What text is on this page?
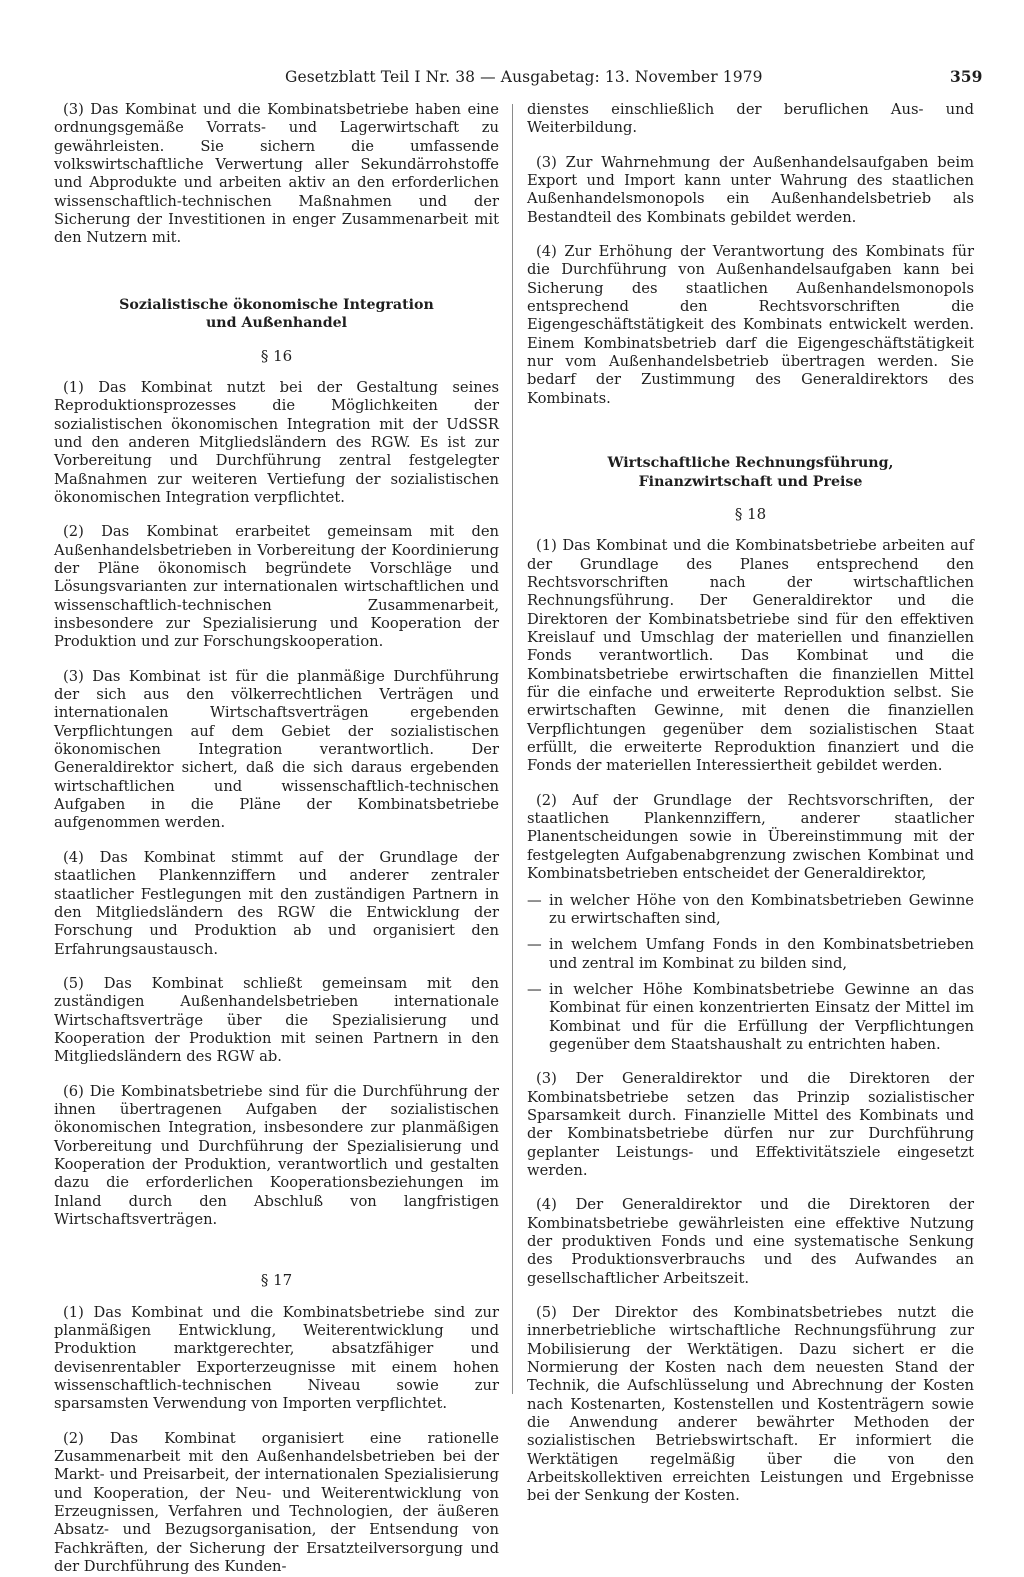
Gesetzblatt Teil I Nr. 38 — Ausgabetag: 13. November 1979	359

(3) Das Kombinat und die Kombinatsbetriebe haben eine ordnungsgemäße Vorrats- und Lagerwirtschaft zu gewährleisten. Sie sichern die umfassende volkswirtschaftliche Verwertung aller Sekundärrohstoffe und Abprodukte und arbeiten aktiv an den erforderlichen wissenschaftlich-technischen Maßnahmen und der Sicherung der Investitionen in enger Zusammenarbeit mit den Nutzern mit.

Sozialistische ökonomische Integration
und Außenhandel

§ 16

(1) Das Kombinat nutzt bei der Gestaltung seines Reproduktionsprozesses die Möglichkeiten der sozialistischen ökonomischen Integration mit der UdSSR und den anderen Mitgliedsländern des RGW. Es ist zur Vorbereitung und Durchführung zentral festgelegter Maßnahmen zur weiteren Vertiefung der sozialistischen ökonomischen Integration verpflichtet.

(2) Das Kombinat erarbeitet gemeinsam mit den Außenhandelsbetrieben in Vorbereitung der Koordinierung der Pläne ökonomisch begründete Vorschläge und Lösungsvarianten zur internationalen wirtschaftlichen und wissenschaftlich-technischen Zusammenarbeit, insbesondere zur Spezialisierung und Kooperation der Produktion und zur Forschungskooperation.

(3) Das Kombinat ist für die planmäßige Durchführung der sich aus den völkerrechtlichen Verträgen und internationalen Wirtschaftsverträgen ergebenden Verpflichtungen auf dem Gebiet der sozialistischen ökonomischen Integration verantwortlich. Der Generaldirektor sichert, daß die sich daraus ergebenden wirtschaftlichen und wissenschaftlich-technischen Aufgaben in die Pläne der Kombinatsbetriebe aufgenommen werden.

(4) Das Kombinat stimmt auf der Grundlage der staatlichen Plankennziffern und anderer zentraler staatlicher Festlegungen mit den zuständigen Partnern in den Mitgliedsländern des RGW die Entwicklung der Forschung und Produktion ab und organisiert den Erfahrungsaustausch.

(5) Das Kombinat schließt gemeinsam mit den zuständigen Außenhandelsbetrieben internationale Wirtschaftsverträge über die Spezialisierung und Kooperation der Produktion mit seinen Partnern in den Mitgliedsländern des RGW ab.

(6) Die Kombinatsbetriebe sind für die Durchführung der ihnen übertragenen Aufgaben der sozialistischen ökonomischen Integration, insbesondere zur planmäßigen Vorbereitung und Durchführung der Spezialisierung und Kooperation der Produktion, verantwortlich und gestalten dazu die erforderlichen Kooperationsbeziehungen im Inland durch den Abschluß von langfristigen Wirtschaftsverträgen.

§ 17

(1) Das Kombinat und die Kombinatsbetriebe sind zur planmäßigen Entwicklung, Weiterentwicklung und Produktion marktgerechter, absatzfähiger und devisenrentabler Exporterzeugnisse mit einem hohen wissenschaftlich-technischen Niveau sowie zur sparsamsten Verwendung von Importen verpflichtet.

(2) Das Kombinat organisiert eine rationelle Zusammenarbeit mit den Außenhandelsbetrieben bei der Markt- und Preisarbeit, der internationalen Spezialisierung und Kooperation, der Neu- und Weiterentwicklung von Erzeugnissen, Verfahren und Technologien, der äußeren Absatz- und Bezugsorganisation, der Entsendung von Fachkräften, der Sicherung der Ersatzteilversorgung und der Durchführung des Kunden-

dienstes einschließlich der beruflichen Aus- und Weiterbildung.

(3) Zur Wahrnehmung der Außenhandelsaufgaben beim Export und Import kann unter Wahrung des staatlichen Außenhandelsmonopols ein Außenhandelsbetrieb als Bestandteil des Kombinats gebildet werden.

(4) Zur Erhöhung der Verantwortung des Kombinats für die Durchführung von Außenhandelsaufgaben kann bei Sicherung des staatlichen Außenhandelsmonopols entsprechend den Rechtsvorschriften die Eigengeschäftstätigkeit des Kombinats entwickelt werden. Einem Kombinatsbetrieb darf die Eigengeschäftstätigkeit nur vom Außenhandelsbetrieb übertragen werden. Sie bedarf der Zustimmung des Generaldirektors des Kombinats.

Wirtschaftliche Rechnungsführung,
Finanzwirtschaft und Preise

§ 18

(1) Das Kombinat und die Kombinatsbetriebe arbeiten auf der Grundlage des Planes entsprechend den Rechtsvorschriften nach der wirtschaftlichen Rechnungsführung. Der Generaldirektor und die Direktoren der Kombinatsbetriebe sind für den effektiven Kreislauf und Umschlag der materiellen und finanziellen Fonds verantwortlich. Das Kombinat und die Kombinatsbetriebe erwirtschaften die finanziellen Mittel für die einfache und erweiterte Reproduktion selbst. Sie erwirtschaften Gewinne, mit denen die finanziellen Verpflichtungen gegenüber dem sozialistischen Staat erfüllt, die erweiterte Reproduktion finanziert und die Fonds der materiellen Interessiertheit gebildet werden.

(2) Auf der Grundlage der Rechtsvorschriften, der staatlichen Plankennziffern, anderer staatlicher Planentscheidungen sowie in Übereinstimmung mit der festgelegten Aufgabenabgrenzung zwischen Kombinat und Kombinatsbetrieben entscheidet der Generaldirektor,

— in welcher Höhe von den Kombinatsbetrieben Gewinne zu erwirtschaften sind,
— in welchem Umfang Fonds in den Kombinatsbetrieben und zentral im Kombinat zu bilden sind,
— in welcher Höhe Kombinatsbetriebe Gewinne an das Kombinat für einen konzentrierten Einsatz der Mittel im Kombinat und für die Erfüllung der Verpflichtungen gegenüber dem Staatshaushalt zu entrichten haben.

(3) Der Generaldirektor und die Direktoren der Kombinatsbetriebe setzen das Prinzip sozialistischer Sparsamkeit durch. Finanzielle Mittel des Kombinats und der Kombinatsbetriebe dürfen nur zur Durchführung geplanter Leistungs- und Effektivitätsziele eingesetzt werden.

(4) Der Generaldirektor und die Direktoren der Kombinatsbetriebe gewährleisten eine effektive Nutzung der produktiven Fonds und eine systematische Senkung des Produktionsverbrauchs und des Aufwandes an gesellschaftlicher Arbeitszeit.

(5) Der Direktor des Kombinatsbetriebes nutzt die innerbetriebliche wirtschaftliche Rechnungsführung zur Mobilisierung der Werktätigen. Dazu sichert er die Normierung der Kosten nach dem neuesten Stand der Technik, die Aufschlüsselung und Abrechnung der Kosten nach Kostenarten, Kostenstellen und Kostenträgern sowie die Anwendung anderer bewährter Methoden der sozialistischen Betriebswirtschaft. Er informiert die Werktätigen regelmäßig über die von den Arbeitskollektiven erreichten Leistungen und Ergebnisse bei der Senkung der Kosten.
